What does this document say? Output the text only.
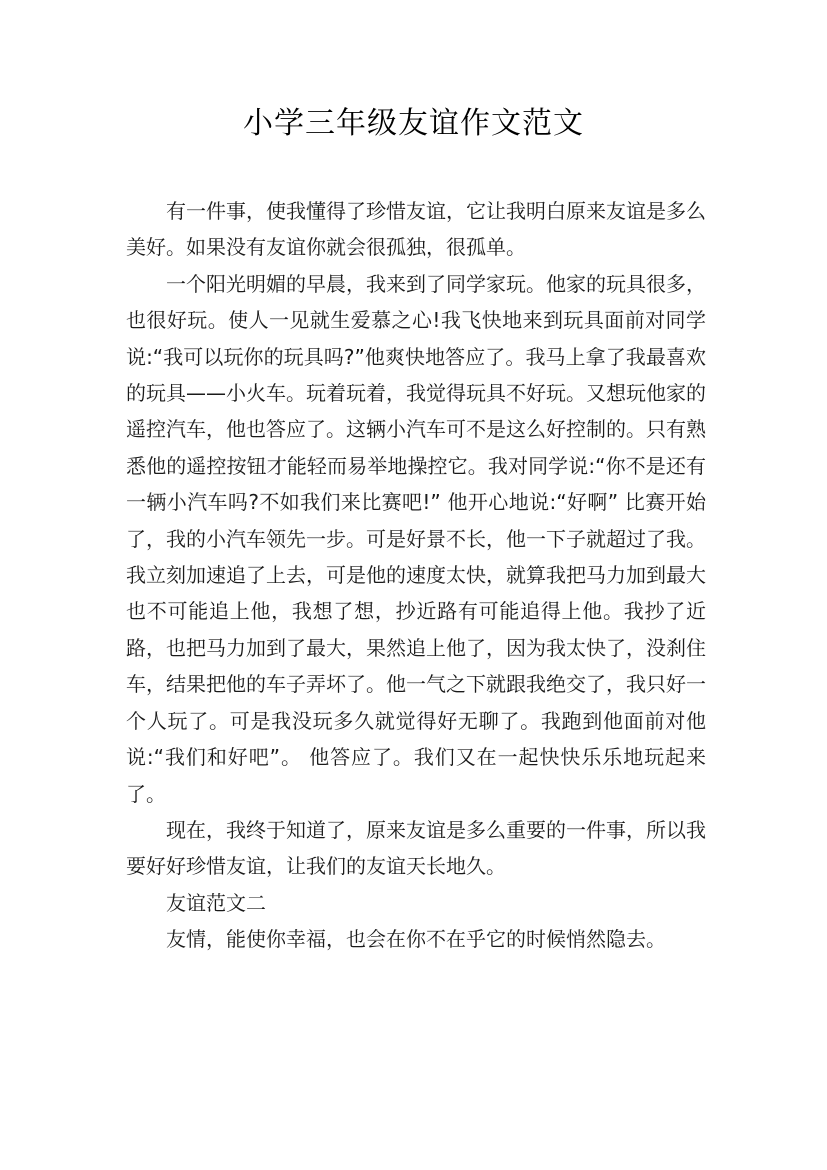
小学三年级友谊作文范文

有一件事，使我懂得了珍惜友谊，它让我明白原来友谊是多么美好。如果没有友谊你就会很孤独，很孤单。

一个阳光明媚的早晨，我来到了同学家玩。他家的玩具很多，也很好玩。使人一见就生爱慕之心!我飞快地来到玩具面前对同学说:“我可以玩你的玩具吗?”他爽快地答应了。我马上拿了我最喜欢的玩具——小火车。玩着玩着，我觉得玩具不好玩。又想玩他家的遥控汽车，他也答应了。这辆小汽车可不是这么好控制的。只有熟悉他的遥控按钮才能轻而易举地操控它。我对同学说:“你不是还有一辆小汽车吗?不如我们来比赛吧!” 他开心地说:“好啊” 比赛开始了，我的小汽车领先一步。可是好景不长，他一下子就超过了我。我立刻加速追了上去，可是他的速度太快，就算我把马力加到最大也不可能追上他，我想了想，抄近路有可能追得上他。我抄了近路，也把马力加到了最大，果然追上他了，因为我太快了，没刹住车，结果把他的车子弄坏了。他一气之下就跟我绝交了，我只好一个人玩了。可是我没玩多久就觉得好无聊了。我跑到他面前对他说:“我们和好吧”。 他答应了。我们又在一起快快乐乐地玩起来了。

现在，我终于知道了，原来友谊是多么重要的一件事，所以我要好好珍惜友谊，让我们的友谊天长地久。

友谊范文二

友情，能使你幸福，也会在你不在乎它的时候悄然隐去。
